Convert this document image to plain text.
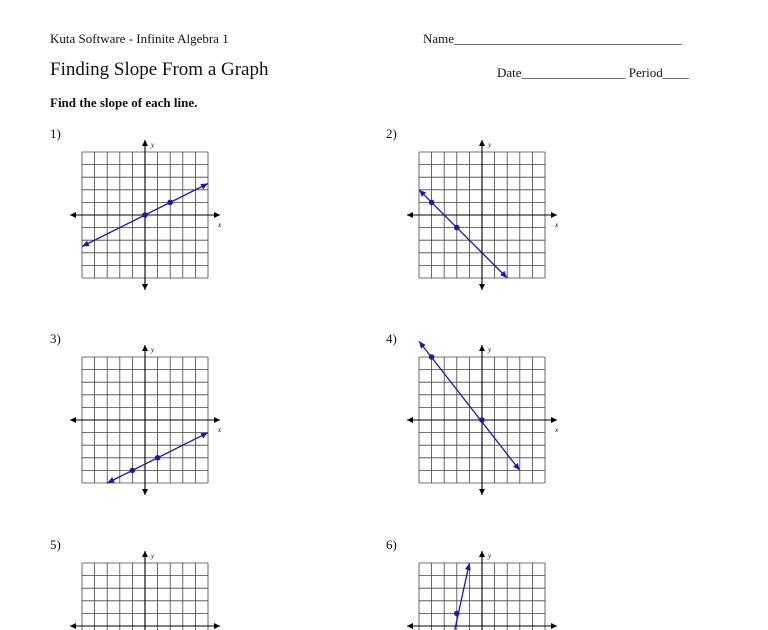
Kuta Software - Infinite Algebra 1
Finding Slope From a Graph
Name___________________________________
Date________________ Period____
Find the slope of each line.
1)	2)
3)	4)
5)	6)
x
y
x
y
x
y
x
y
y	y
